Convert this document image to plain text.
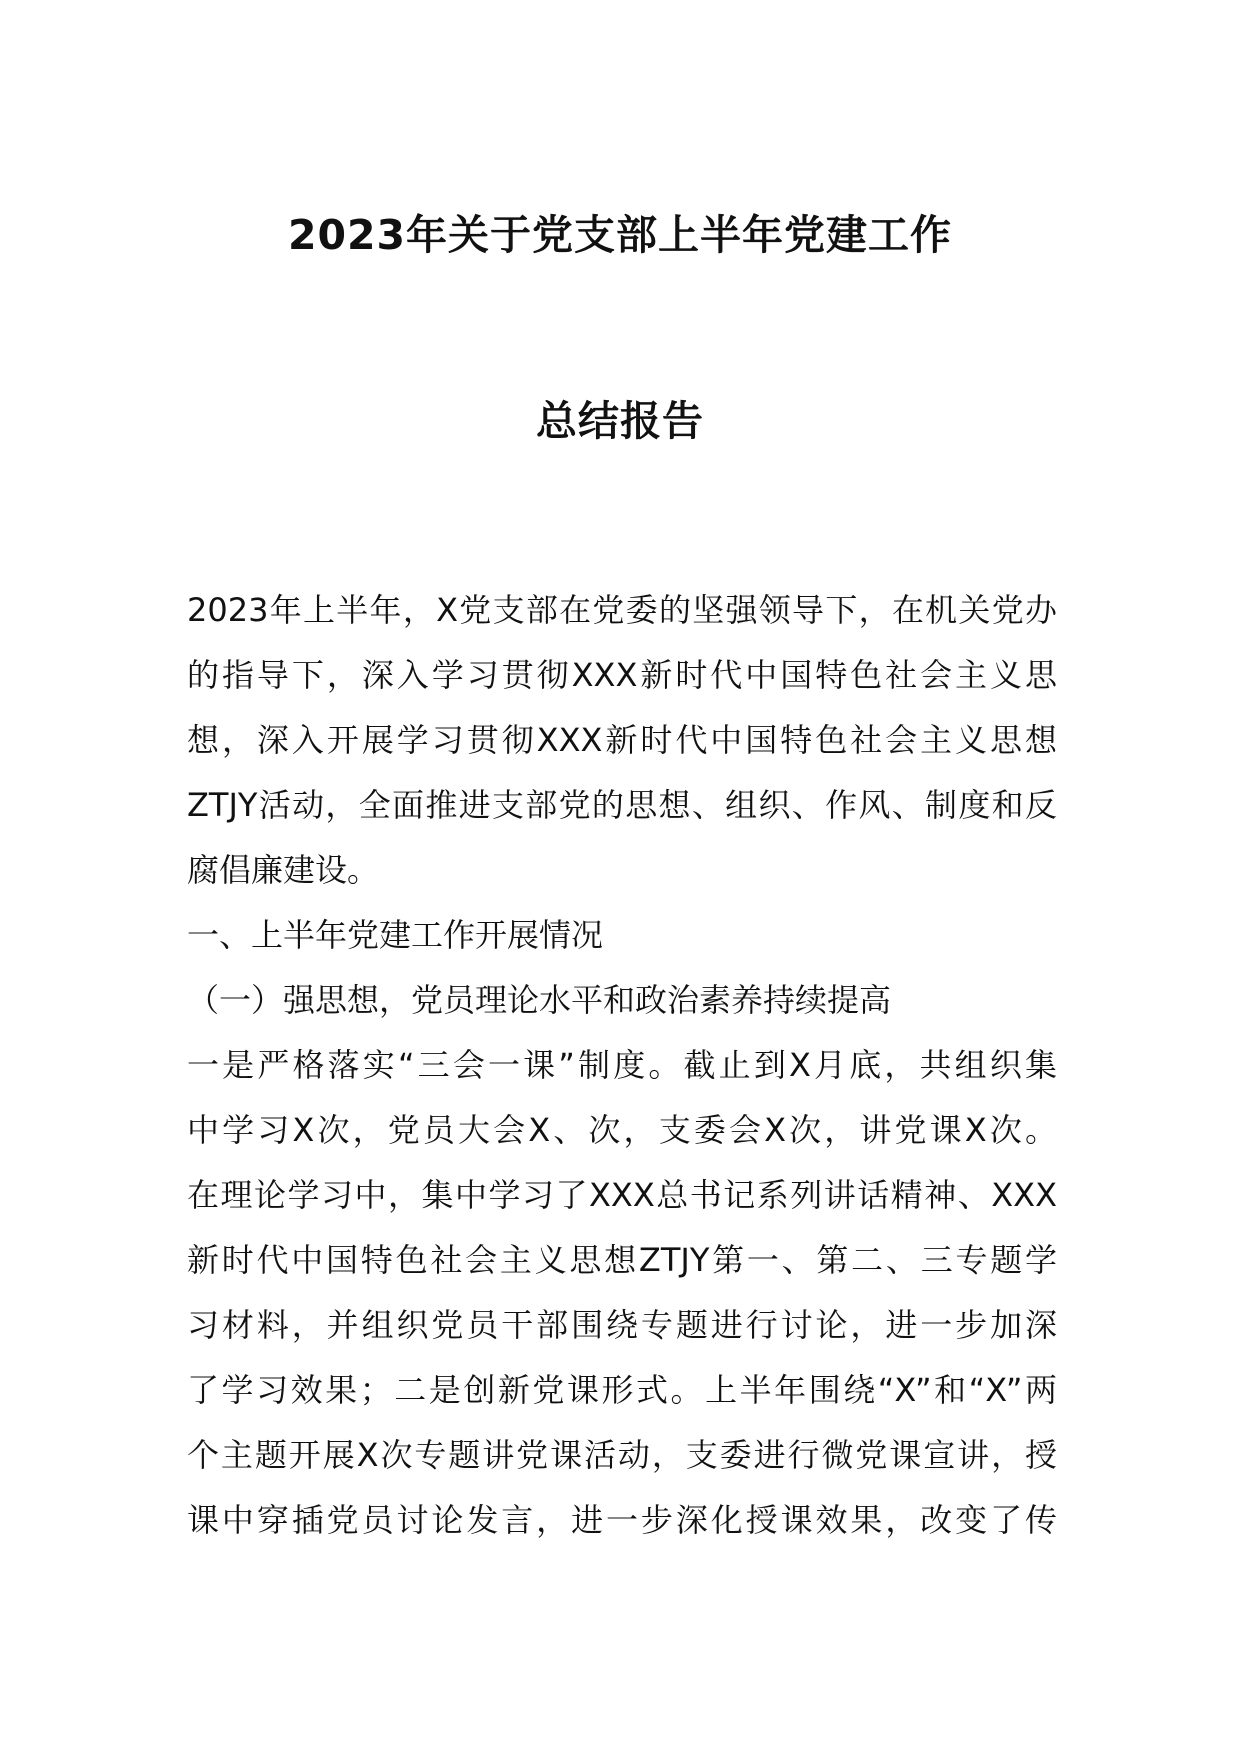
2023年关于党支部上半年党建工作
总结报告
2023年上半年，X党支部在党委的坚强领导下，在机关党办
的指导下，深入学习贯彻XXX新时代中国特色社会主义思
想，深入开展学习贯彻XXX新时代中国特色社会主义思想
ZTJY活动，全面推进支部党的思想、组织、作风、制度和反
腐倡廉建设。
一、上半年党建工作开展情况
（一）强思想，党员理论水平和政治素养持续提高
一是严格落实“三会一课”制度。截止到X月底，共组织集
中学习X次，党员大会X、次，支委会X次，讲党课X次。
在理论学习中，集中学习了XXX总书记系列讲话精神、XXX
新时代中国特色社会主义思想ZTJY第一、第二、三专题学
习材料，并组织党员干部围绕专题进行讨论，进一步加深
了学习效果；二是创新党课形式。上半年围绕“X”和“X”两
个主题开展X次专题讲党课活动，支委进行微党课宣讲，授
课中穿插党员讨论发言，进一步深化授课效果，改变了传
